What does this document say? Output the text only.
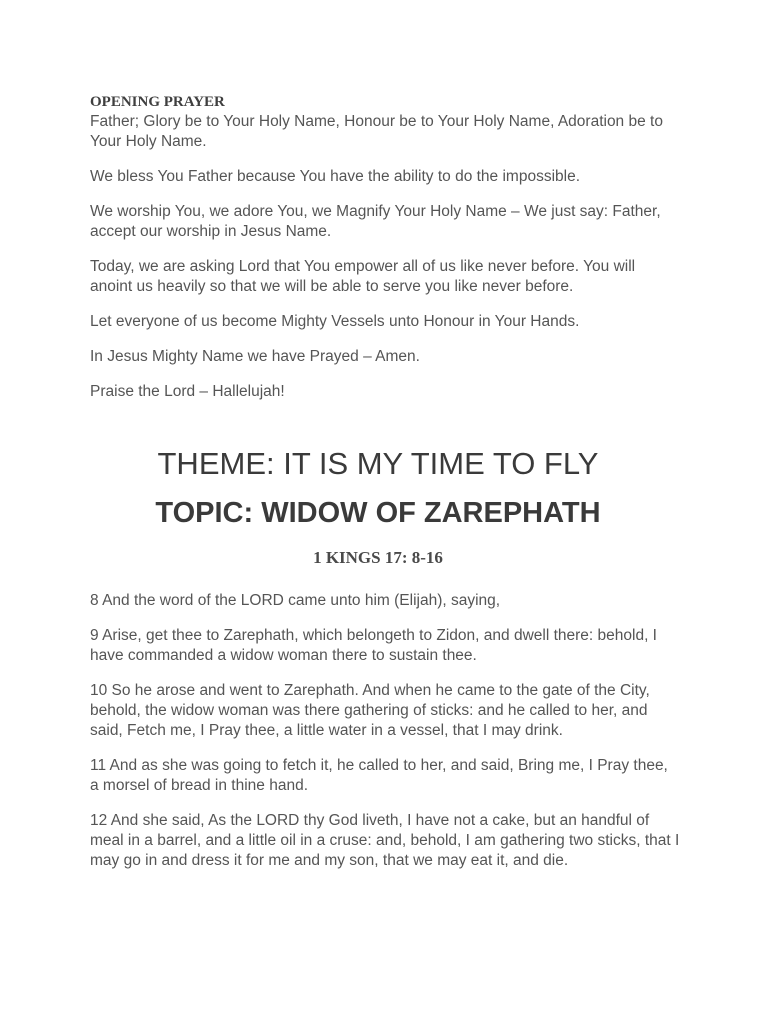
OPENING PRAYER

Father; Glory be to Your Holy Name, Honour be to Your Holy Name, Adoration be to Your Holy Name.

We bless You Father because You have the ability to do the impossible.

We worship You, we adore You, we Magnify Your Holy Name – We just say: Father, accept our worship in Jesus Name.

Today, we are asking Lord that You empower all of us like never before. You will anoint us heavily so that we will be able to serve you like never before.

Let everyone of us become Mighty Vessels unto Honour in Your Hands.

In Jesus Mighty Name we have Prayed – Amen.

Praise the Lord – Hallelujah!

THEME: IT IS MY TIME TO FLY
TOPIC: WIDOW OF ZAREPHATH
1 KINGS 17: 8-16

8 And the word of the LORD came unto him (Elijah), saying,

9 Arise, get thee to Zarephath, which belongeth to Zidon, and dwell there: behold, I have commanded a widow woman there to sustain thee.

10 So he arose and went to Zarephath. And when he came to the gate of the City, behold, the widow woman was there gathering of sticks: and he called to her, and said, Fetch me, I Pray thee, a little water in a vessel, that I may drink.

11 And as she was going to fetch it, he called to her, and said, Bring me, I Pray thee, a morsel of bread in thine hand.

12 And she said, As the LORD thy God liveth, I have not a cake, but an handful of meal in a barrel, and a little oil in a cruse: and, behold, I am gathering two sticks, that I may go in and dress it for me and my son, that we may eat it, and die.
